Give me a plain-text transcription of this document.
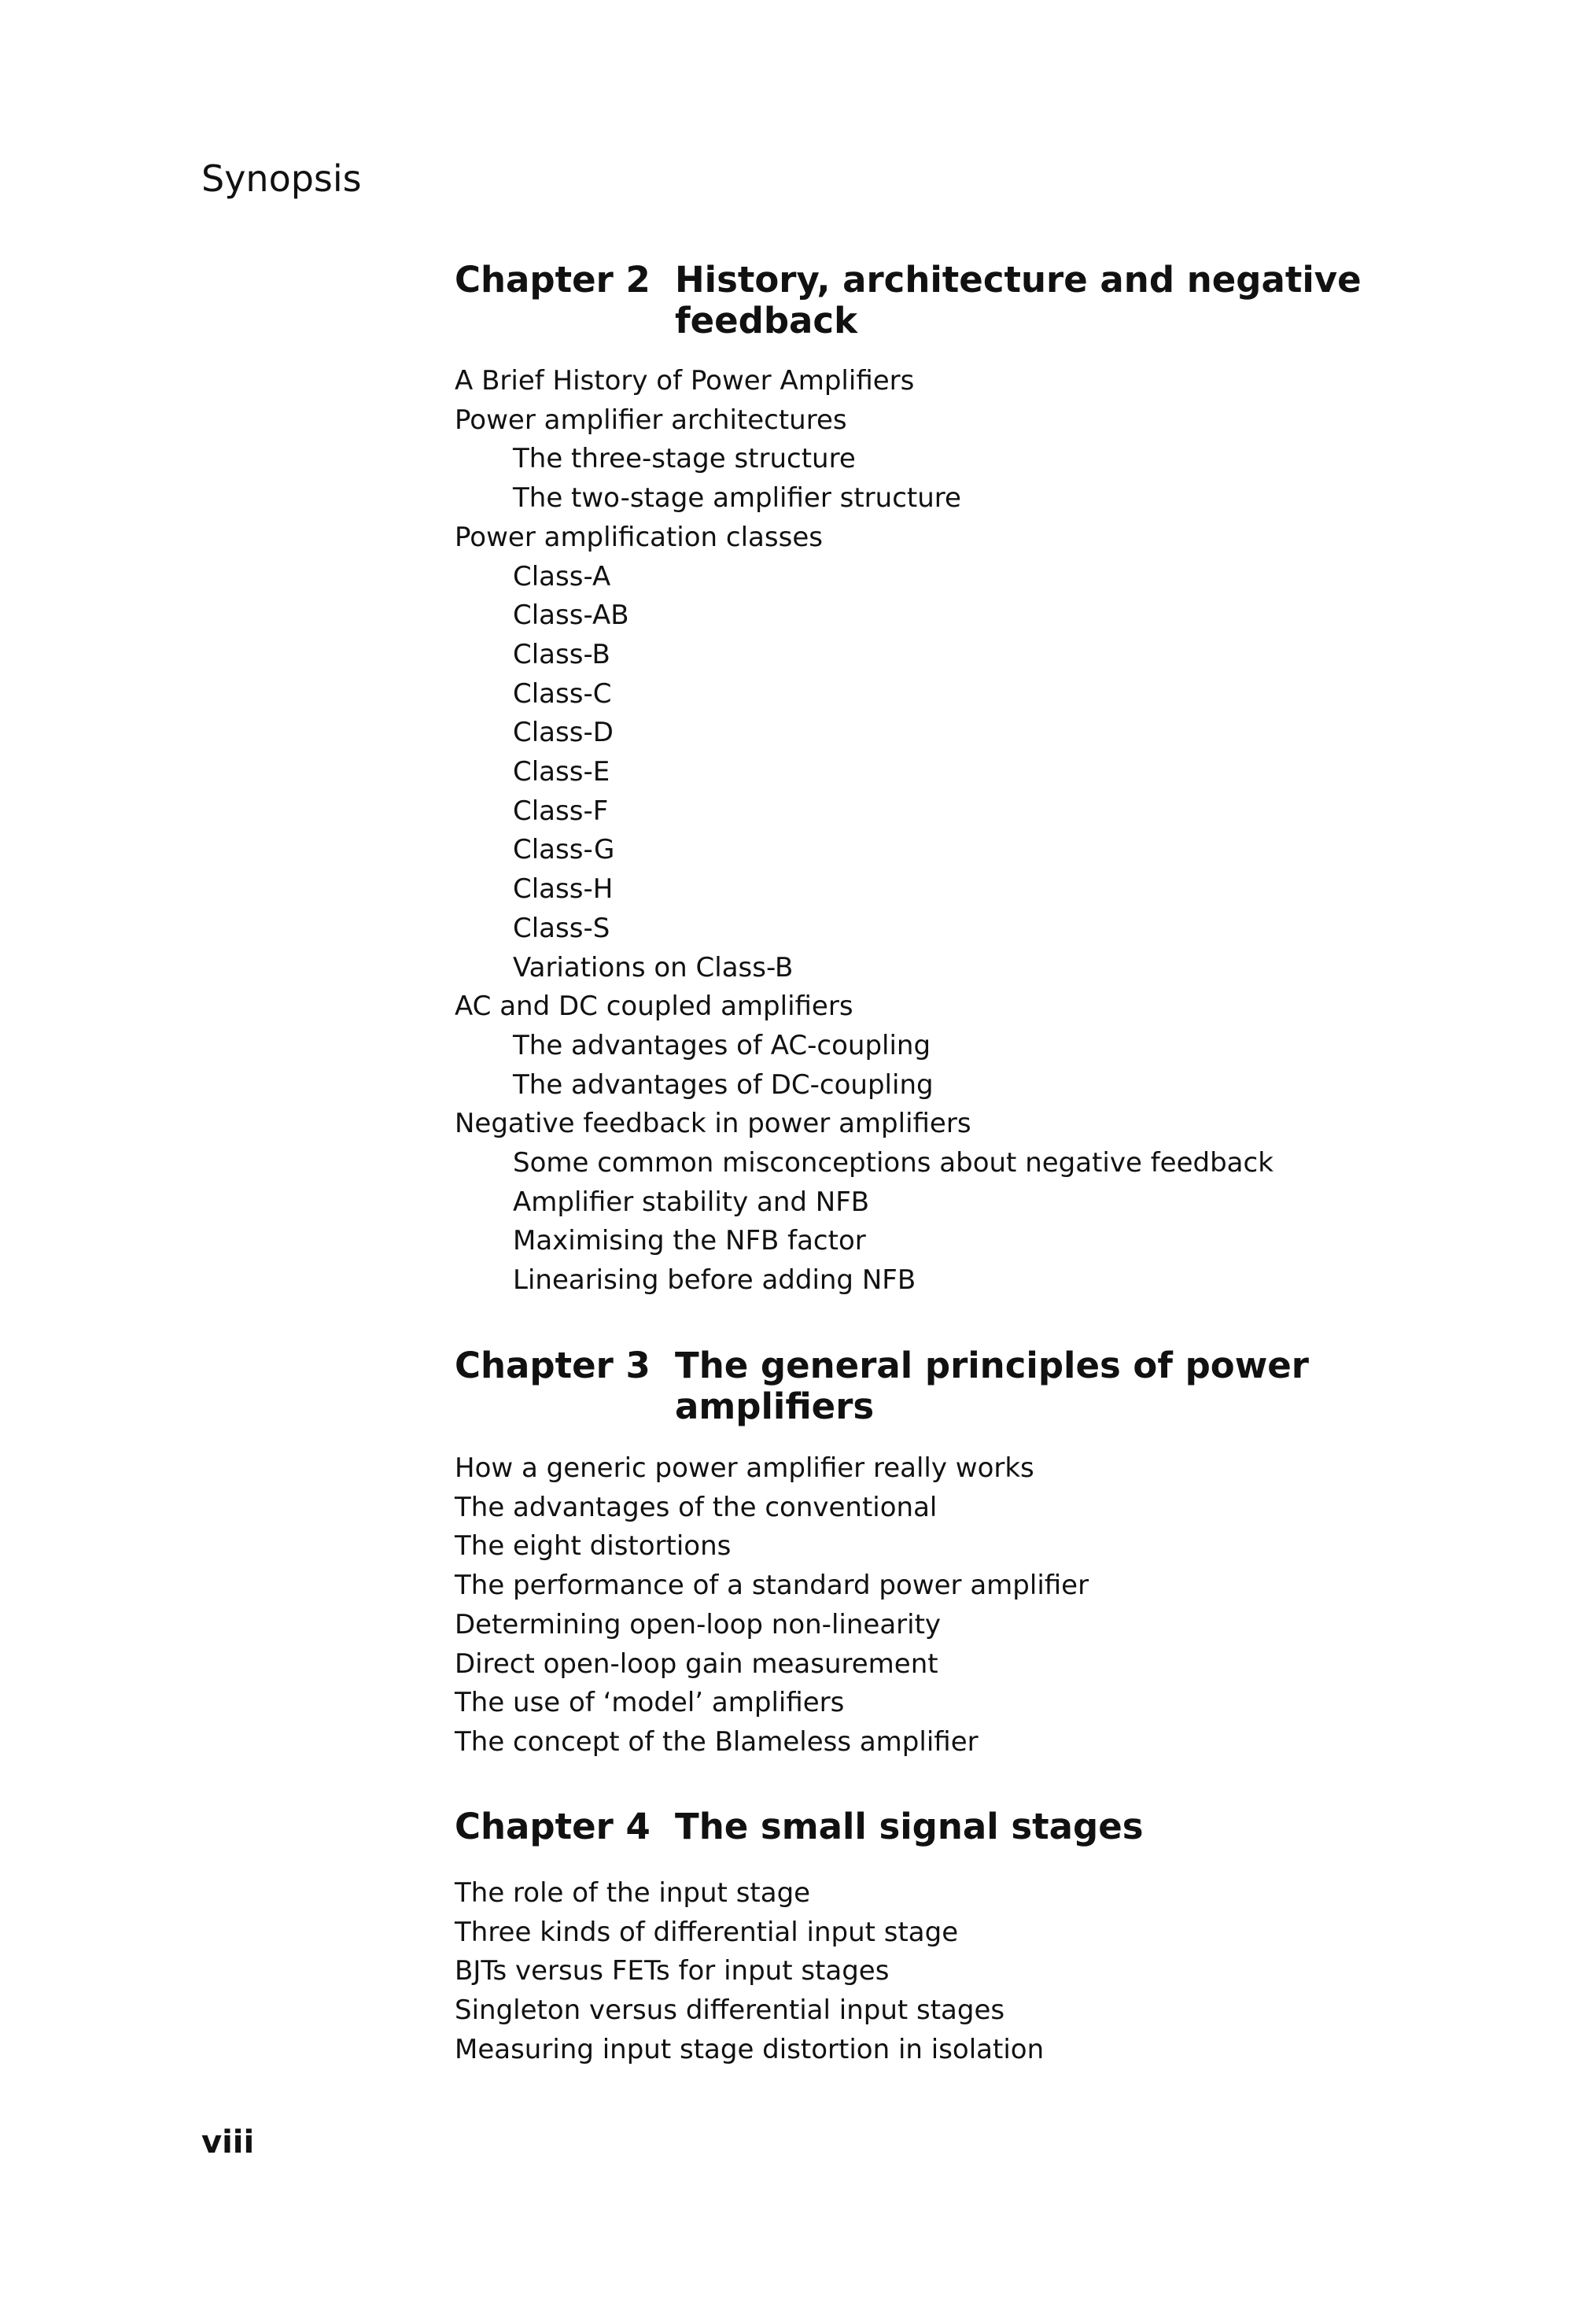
Synopsis

Chapter 2 History, architecture and negative feedback
A Brief History of Power Amplifiers
Power amplifier architectures
The three-stage structure
The two-stage amplifier structure
Power amplification classes
Class-A
Class-AB
Class-B
Class-C
Class-D
Class-E
Class-F
Class-G
Class-H
Class-S
Variations on Class-B
AC and DC coupled amplifiers
The advantages of AC-coupling
The advantages of DC-coupling
Negative feedback in power amplifiers
Some common misconceptions about negative feedback
Amplifier stability and NFB
Maximising the NFB factor
Linearising before adding NFB
Chapter 3 The general principles of power amplifiers
How a generic power amplifier really works
The advantages of the conventional
The eight distortions
The performance of a standard power amplifier
Determining open-loop non-linearity
Direct open-loop gain measurement
The use of ‘model’ amplifiers
The concept of the Blameless amplifier
Chapter 4 The small signal stages
The role of the input stage
Three kinds of differential input stage
BJTs versus FETs for input stages
Singleton versus differential input stages
Measuring input stage distortion in isolation

viii
